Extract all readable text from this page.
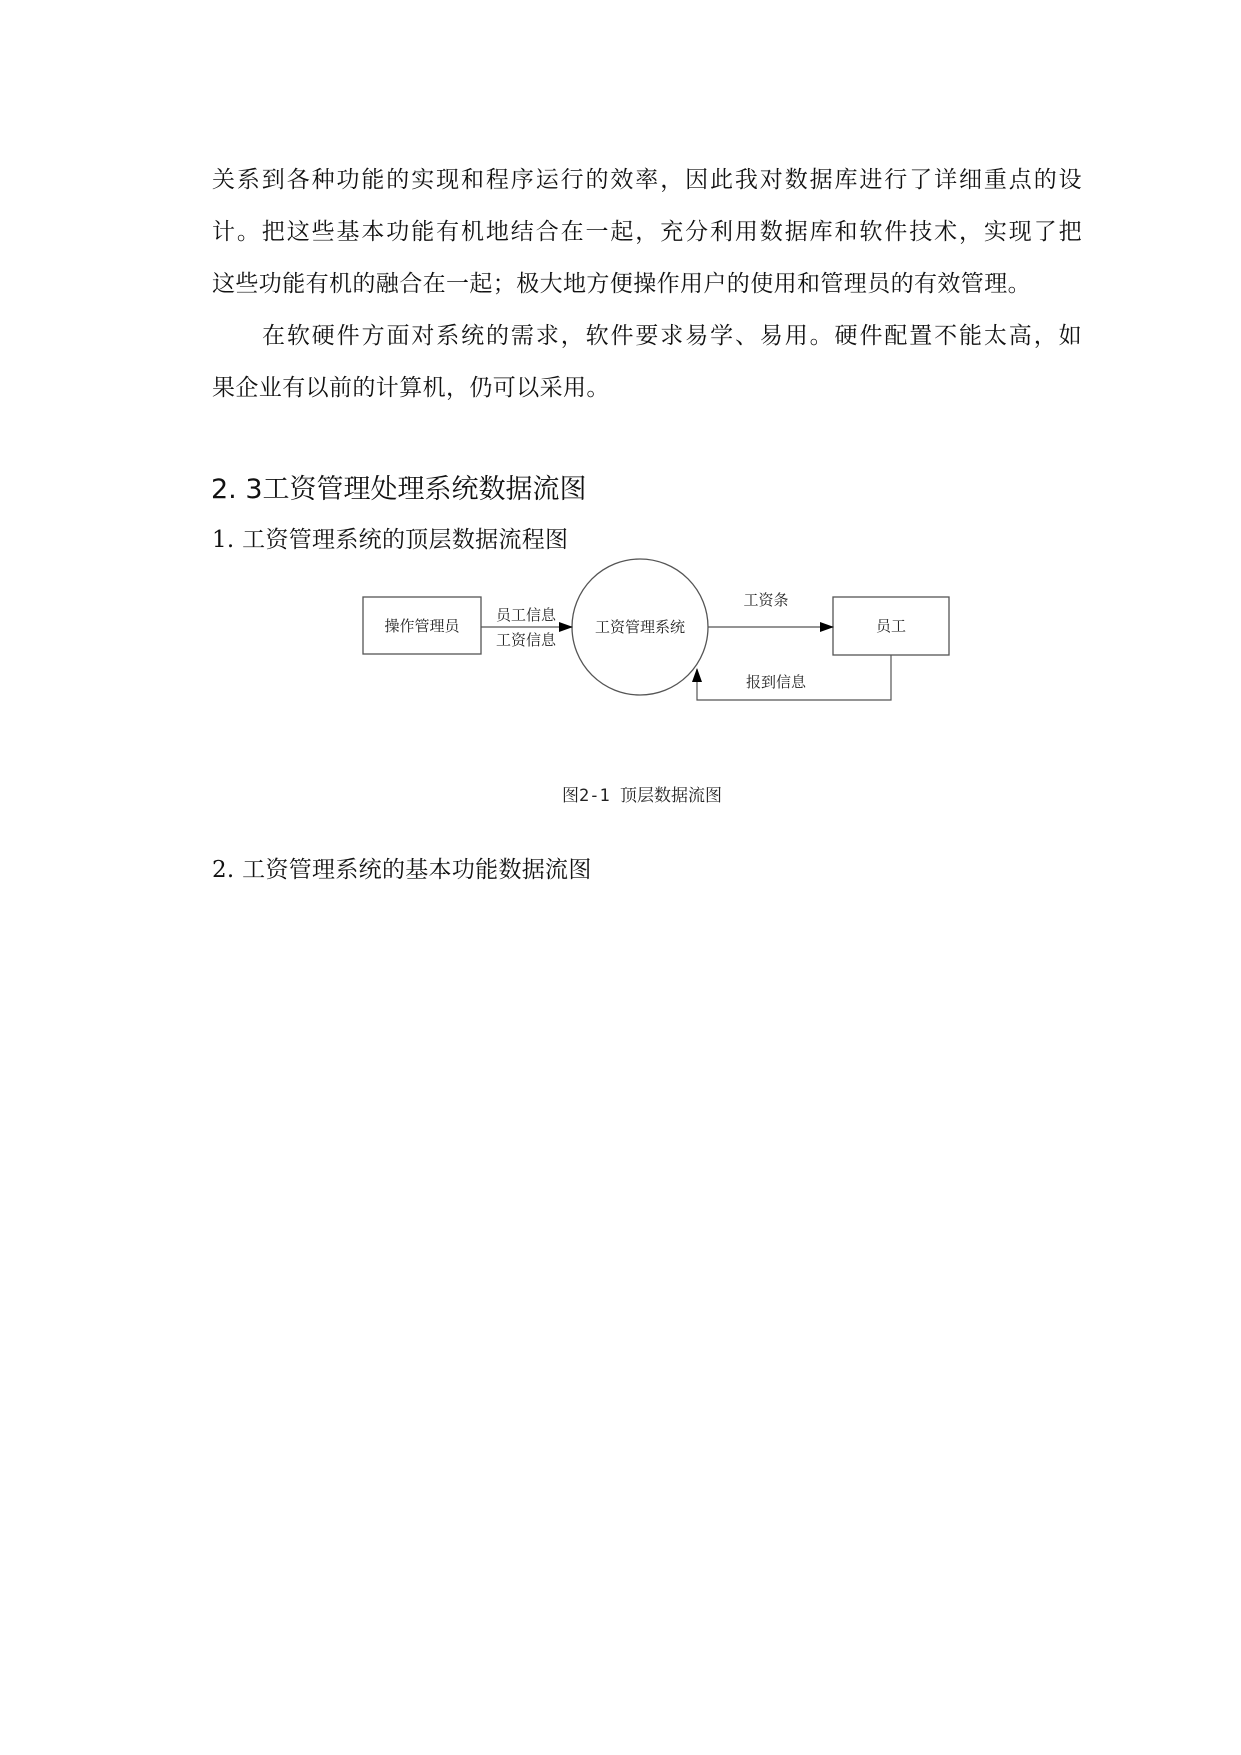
关系到各种功能的实现和程序运行的效率，因此我对数据库进行了详细重点的设
计。把这些基本功能有机地结合在一起，充分利用数据库和软件技术，实现了把
这些功能有机的融合在一起；极大地方便操作用户的使用和管理员的有效管理。
在软硬件方面对系统的需求，软件要求易学、易用。硬件配置不能太高，如
果企业有以前的计算机，仍可以采用。
2. 3工资管理处理系统数据流图
1. 工资管理系统的顶层数据流程图
操作管理员	工资管理系统	员工
员工信息
工资信息
工资条
报到信息
图2-1 顶层数据流图
2. 工资管理系统的基本功能数据流图
